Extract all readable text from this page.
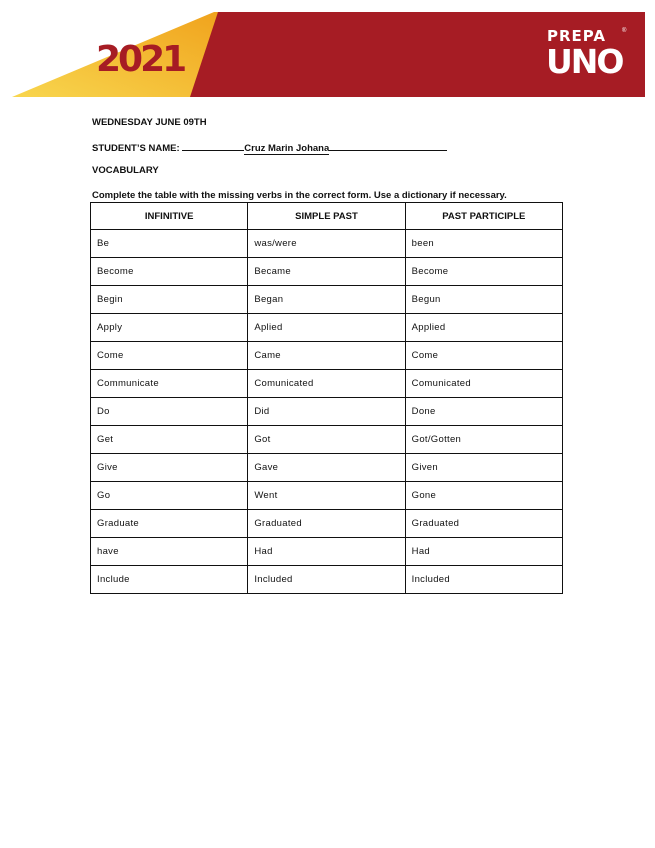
2021
PREPA	®
UNO
WEDNESDAY JUNE 09TH
STUDENT’S NAME:	Cruz Marin Johana
VOCABULARY
Complete the table with the missing verbs in the correct form. Use a dictionary if necessary.
INFINITIVE	SIMPLE PAST	PAST PARTICIPLE
Be	was/were	been
Become	Became	Become
Begin	Began	Begun
Apply	Aplied	Applied
Come	Came	Come
Communicate	Comunicated	Comunicated
Do	Did	Done
Get	Got	Got/Gotten
Give	Gave	Given
Go	Went	Gone
Graduate	Graduated	Graduated
have	Had	Had
Include	Included	Included
